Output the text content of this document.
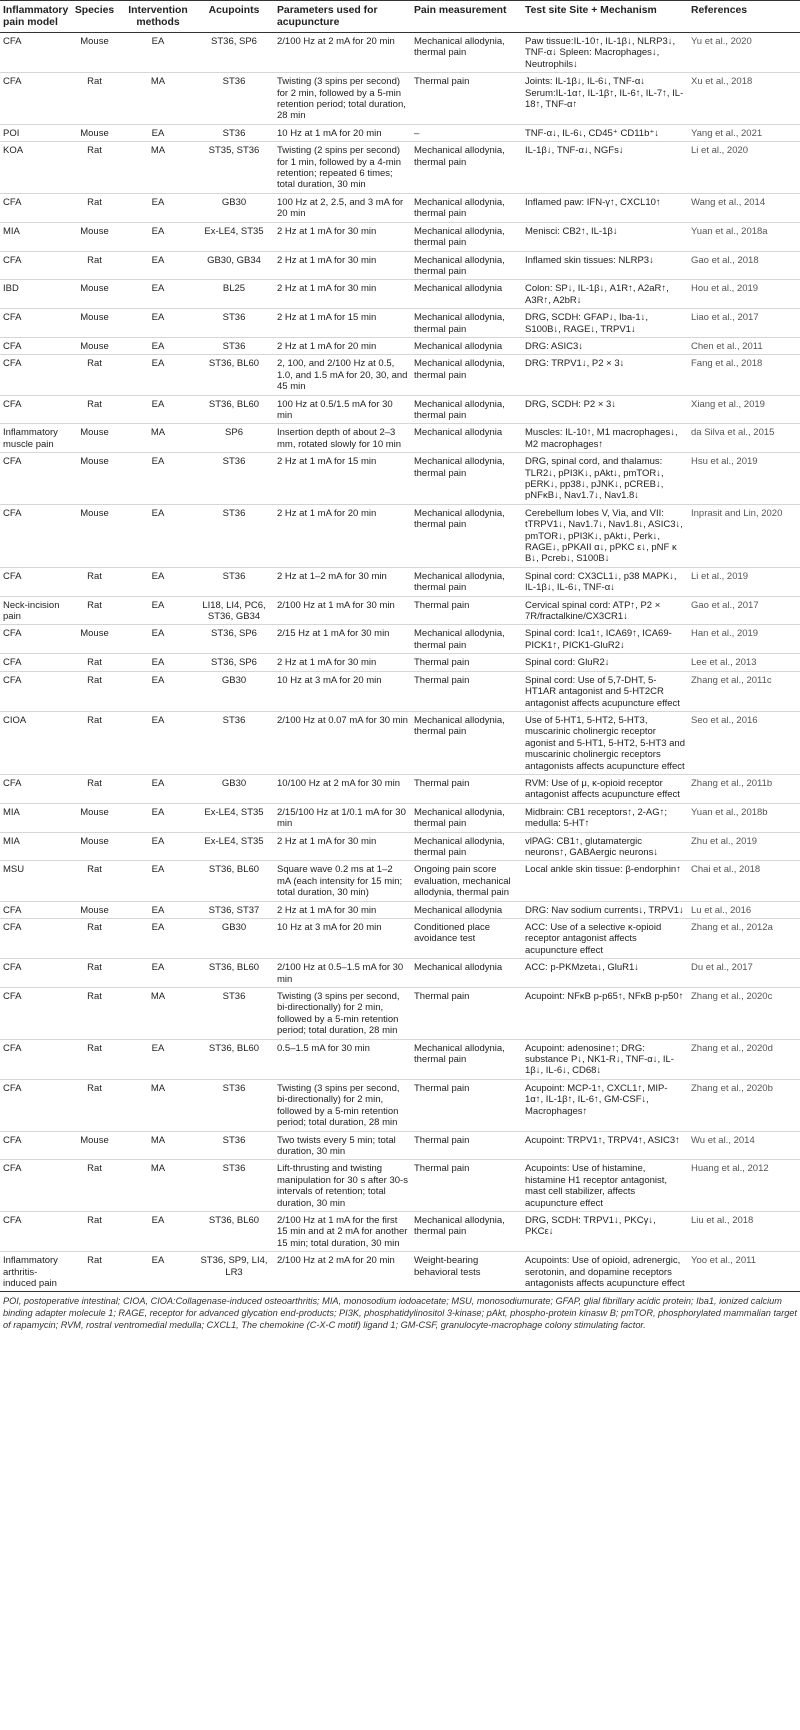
Inflammatory pain model	Species	Intervention methods	Acupoints	Parameters used for acupuncture	Pain measurement	Test site Site + Mechanism	References
CFA	Mouse	EA	ST36, SP6	2/100 Hz at 2 mA for 20 min	Mechanical allodynia, thermal pain	Paw tissue:IL-10↑, IL-1β↓, NLRP3↓, TNF-α↓ Spleen: Macrophages↓, Neutrophils↓	Yu et al., 2020
CFA	Rat	MA	ST36	Twisting (3 spins per second) for 2 min, followed by a 5-min retention period; total duration, 28 min	Thermal pain	Joints: IL-1β↓, IL-6↓, TNF-α↓ Serum:IL-1α↑, IL-1β↑, IL-6↑, IL-7↑, IL-18↑, TNF-α↑	Xu et al., 2018
POI	Mouse	EA	ST36	10 Hz at 1 mA for 20 min	–	TNF-α↓, IL-6↓, CD45⁺ CD11b⁺↓	Yang et al., 2021
KOA	Rat	MA	ST35, ST36	Twisting (2 spins per second) for 1 min, followed by a 4-min retention; repeated 6 times; total duration, 30 min	Mechanical allodynia, thermal pain	IL-1β↓, TNF-α↓, NGFs↓	Li et al., 2020
CFA	Rat	EA	GB30	100 Hz at 2, 2.5, and 3 mA for 20 min	Mechanical allodynia, thermal pain	Inflamed paw: IFN-γ↑, CXCL10↑	Wang et al., 2014
MIA	Mouse	EA	Ex-LE4, ST35	2 Hz at 1 mA for 30 min	Mechanical allodynia, thermal pain	Menisci: CB2↑, IL-1β↓	Yuan et al., 2018a
CFA	Rat	EA	GB30, GB34	2 Hz at 1 mA for 30 min	Mechanical allodynia, thermal pain	Inflamed skin tissues: NLRP3↓	Gao et al., 2018
IBD	Mouse	EA	BL25	2 Hz at 1 mA for 30 min	Mechanical allodynia	Colon: SP↓, IL-1β↓, A1R↑, A2aR↑, A3R↑, A2bR↓	Hou et al., 2019
CFA	Mouse	EA	ST36	2 Hz at 1 mA for 15 min	Mechanical allodynia, thermal pain	DRG, SCDH: GFAP↓, Iba-1↓, S100B↓, RAGE↓, TRPV1↓	Liao et al., 2017
CFA	Mouse	EA	ST36	2 Hz at 1 mA for 20 min	Mechanical allodynia	DRG: ASIC3↓	Chen et al., 2011
CFA	Rat	EA	ST36, BL60	2, 100, and 2/100 Hz at 0.5, 1.0, and 1.5 mA for 20, 30, and 45 min	Mechanical allodynia, thermal pain	DRG: TRPV1↓, P2 × 3↓	Fang et al., 2018
CFA	Rat	EA	ST36, BL60	100 Hz at 0.5/1.5 mA for 30 min	Mechanical allodynia, thermal pain	DRG, SCDH: P2 × 3↓	Xiang et al., 2019
Inflammatory muscle pain	Mouse	MA	SP6	Insertion depth of about 2–3 mm, rotated slowly for 10 min	Mechanical allodynia	Muscles: IL-10↑, M1 macrophages↓, M2 macrophages↑	da Silva et al., 2015
CFA	Mouse	EA	ST36	2 Hz at 1 mA for 15 min	Mechanical allodynia, thermal pain	DRG, spinal cord, and thalamus: TLR2↓, pPI3K↓, pAkt↓, pmTOR↓, pERK↓, pp38↓, pJNK↓, pCREB↓, pNFκB↓, Nav1.7↓, Nav1.8↓	Hsu et al., 2019
CFA	Mouse	EA	ST36	2 Hz at 1 mA for 20 min	Mechanical allodynia, thermal pain	Cerebellum lobes V, Via, and VII: tTRPV1↓, Nav1.7↓, Nav1.8↓, ASIC3↓, pmTOR↓, pPI3K↓, pAkt↓, Perk↓, RAGE↓, pPKAII α↓, pPKC ε↓, pNF κ B↓, Pcreb↓, S100B↓	Inprasit and Lin, 2020
CFA	Rat	EA	ST36	2 Hz at 1–2 mA for 30 min	Mechanical allodynia, thermal pain	Spinal cord: CX3CL1↓, p38 MAPK↓, IL-1β↓, IL-6↓, TNF-α↓	Li et al., 2019
Neck-incision pain	Rat	EA	LI18, LI4, PC6, ST36, GB34	2/100 Hz at 1 mA for 30 min	Thermal pain	Cervical spinal cord: ATP↑, P2 × 7R/fractalkine/CX3CR1↓	Gao et al., 2017
CFA	Mouse	EA	ST36, SP6	2/15 Hz at 1 mA for 30 min	Mechanical allodynia, thermal pain	Spinal cord: Ica1↑, ICA69↑, ICA69-PICK1↑, PICK1-GluR2↓	Han et al., 2019
CFA	Rat	EA	ST36, SP6	2 Hz at 1 mA for 30 min	Thermal pain	Spinal cord: GluR2↓	Lee et al., 2013
CFA	Rat	EA	GB30	10 Hz at 3 mA for 20 min	Thermal pain	Spinal cord: Use of 5,7-DHT, 5-HT1AR antagonist and 5-HT2CR antagonist affects acupuncture effect	Zhang et al., 2011c
CIOA	Rat	EA	ST36	2/100 Hz at 0.07 mA for 30 min	Mechanical allodynia, thermal pain	Use of 5-HT1, 5-HT2, 5-HT3, muscarinic cholinergic receptor agonist and 5-HT1, 5-HT2, 5-HT3 and muscarinic cholinergic receptors antagonists affects acupuncture effect	Seo et al., 2016
CFA	Rat	EA	GB30	10/100 Hz at 2 mA for 30 min	Thermal pain	RVM: Use of μ, κ-opioid receptor antagonist affects acupuncture effect	Zhang et al., 2011b
MIA	Mouse	EA	Ex-LE4, ST35	2/15/100 Hz at 1/0.1 mA for 30 min	Mechanical allodynia, thermal pain	Midbrain: CB1 receptors↑, 2-AG↑; medulla: 5-HT↑	Yuan et al., 2018b
MIA	Mouse	EA	Ex-LE4, ST35	2 Hz at 1 mA for 30 min	Mechanical allodynia, thermal pain	vlPAG: CB1↑, glutamatergic neurons↑, GABAergic neurons↓	Zhu et al., 2019
MSU	Rat	EA	ST36, BL60	Square wave 0.2 ms at 1–2 mA (each intensity for 15 min; total duration, 30 min)	Ongoing pain score evaluation, mechanical allodynia, thermal pain	Local ankle skin tissue: β-endorphin↑	Chai et al., 2018
CFA	Mouse	EA	ST36, ST37	2 Hz at 1 mA for 30 min	Mechanical allodynia	DRG: Nav sodium currents↓, TRPV1↓	Lu et al., 2016
CFA	Rat	EA	GB30	10 Hz at 3 mA for 20 min	Conditioned place avoidance test	ACC: Use of a selective κ-opioid receptor antagonist affects acupuncture effect	Zhang et al., 2012a
CFA	Rat	EA	ST36, BL60	2/100 Hz at 0.5–1.5 mA for 30 min	Mechanical allodynia	ACC: p-PKMzeta↓, GluR1↓	Du et al., 2017
CFA	Rat	MA	ST36	Twisting (3 spins per second, bi-directionally) for 2 min, followed by a 5-min retention period; total duration, 28 min	Thermal pain	Acupoint: NFκB p-p65↑, NFκB p-p50↑	Zhang et al., 2020c
CFA	Rat	EA	ST36, BL60	0.5–1.5 mA for 30 min	Mechanical allodynia, thermal pain	Acupoint: adenosine↑; DRG: substance P↓, NK1-R↓, TNF-α↓, IL-1β↓, IL-6↓, CD68↓	Zhang et al., 2020d
CFA	Rat	MA	ST36	Twisting (3 spins per second, bi-directionally) for 2 min, followed by a 5-min retention period; total duration, 28 min	Thermal pain	Acupoint: MCP-1↑, CXCL1↑, MIP-1α↑, IL-1β↑, IL-6↑, GM-CSF↓, Macrophages↑	Zhang et al., 2020b
CFA	Mouse	MA	ST36	Two twists every 5 min; total duration, 30 min	Thermal pain	Acupoint: TRPV1↑, TRPV4↑, ASIC3↑	Wu et al., 2014
CFA	Rat	MA	ST36	Lift-thrusting and twisting manipulation for 30 s after 30-s intervals of retention; total duration, 30 min	Thermal pain	Acupoints: Use of histamine, histamine H1 receptor antagonist, mast cell stabilizer, affects acupuncture effect	Huang et al., 2012
CFA	Rat	EA	ST36, BL60	2/100 Hz at 1 mA for the first 15 min and at 2 mA for another 15 min; total duration, 30 min	Mechanical allodynia, thermal pain	DRG, SCDH: TRPV1↓, PKCγ↓, PKCε↓	Liu et al., 2018
Inflammatory arthritis-induced pain	Rat	EA	ST36, SP9, LI4, LR3	2/100 Hz at 2 mA for 20 min	Weight-bearing behavioral tests	Acupoints: Use of opioid, adrenergic, serotonin, and dopamine receptors antagonists affects acupuncture effect	Yoo et al., 2011
POI, postoperative intestinal; CIOA, CIOA:Collagenase-induced osteoarthritis; MIA, monosodium iodoacetate; MSU, monosodiumurate; GFAP, glial fibrillary acidic protein; Iba1, ionized calcium binding adapter molecule 1; RAGE, receptor for advanced glycation end-products; PI3K, phosphatidylinositol 3-kinase; pAkt, phospho-protein kinasw B; pmTOR, phosphorylated mammalian target of rapamycin; RVM, rostral ventromedial medulla; CXCL1, The chemokine (C-X-C motif) ligand 1; GM-CSF, granulocyte-macrophage colony stimulating factor.
